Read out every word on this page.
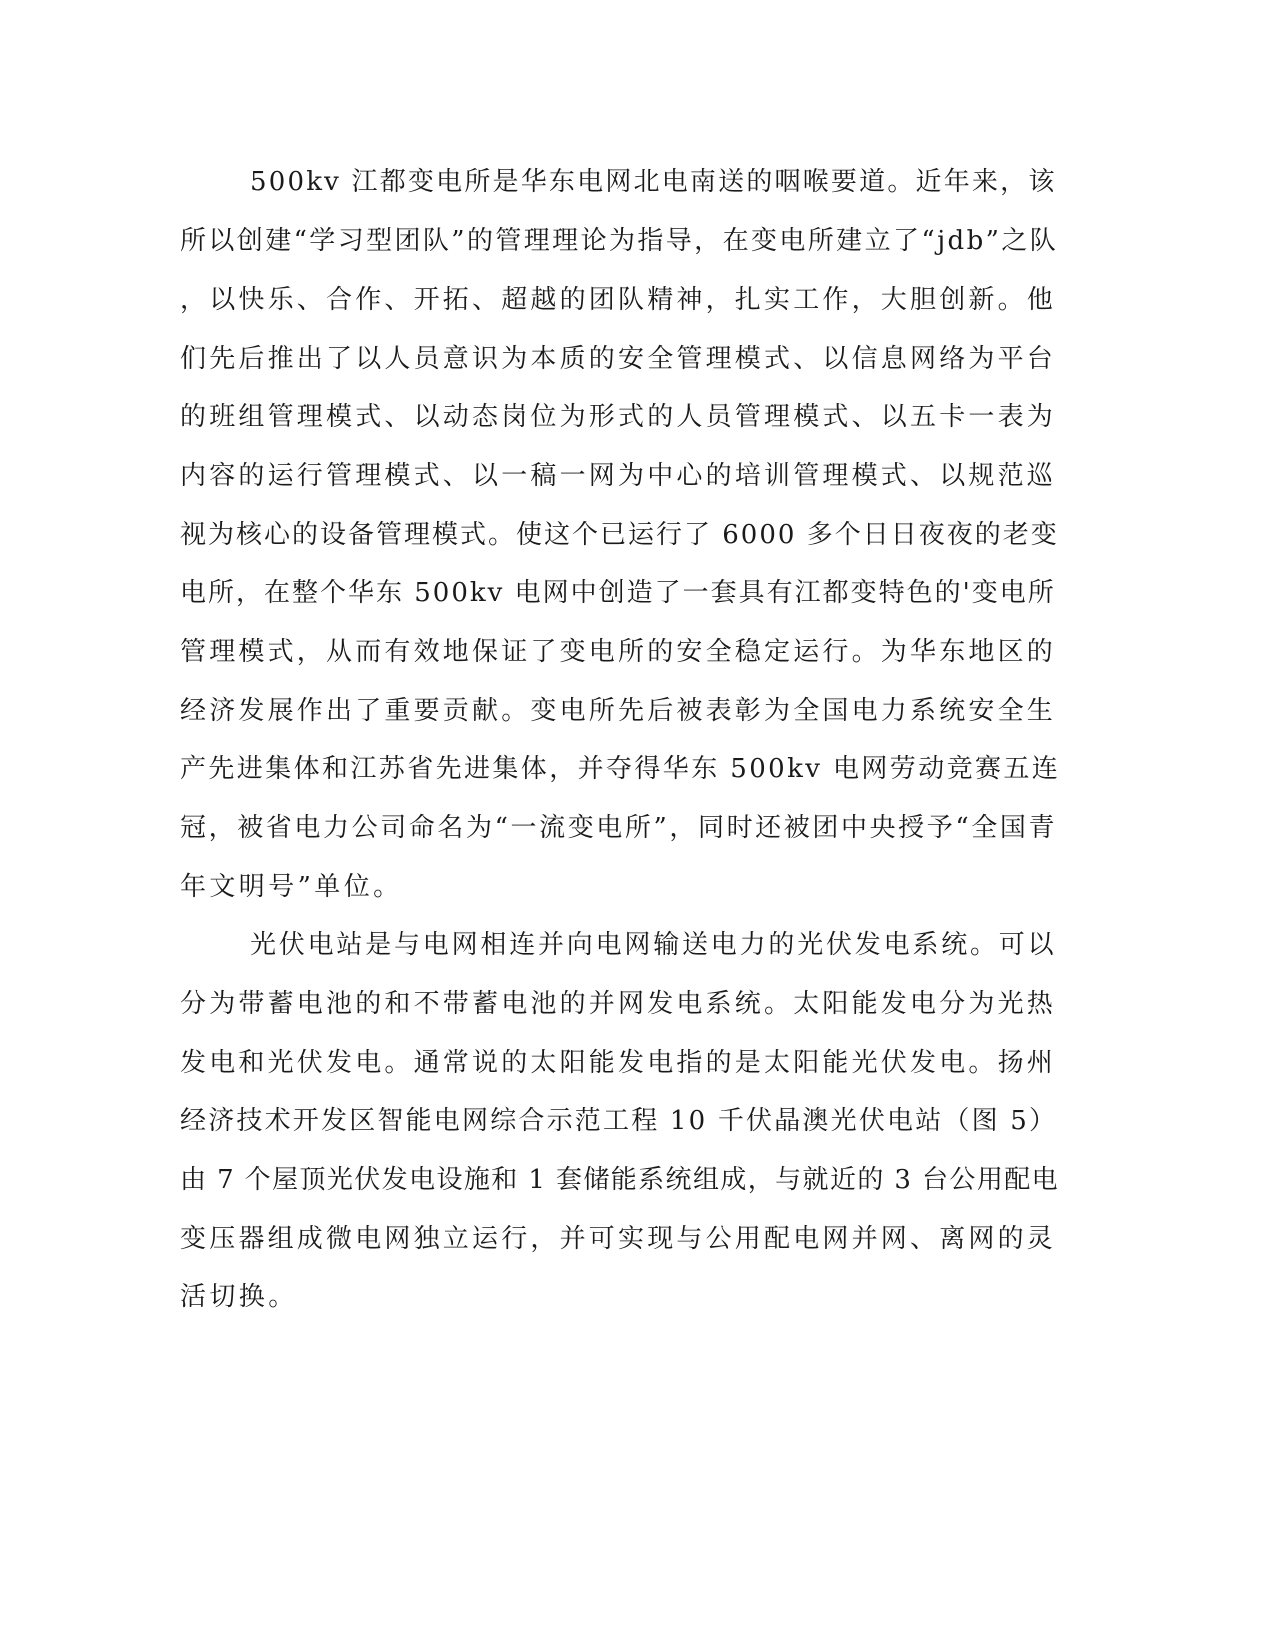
500kv 江都变电所是华东电网北电南送的咽喉要道。近年来，该
所以创建“学习型团队”的管理理论为指导，在变电所建立了“jdb”之队
，以快乐、合作、开拓、超越的团队精神，扎实工作，大胆创新。他
们先后推出了以人员意识为本质的安全管理模式、以信息网络为平台
的班组管理模式、以动态岗位为形式的人员管理模式、以五卡一表为
内容的运行管理模式、以一稿一网为中心的培训管理模式、以规范巡
视为核心的设备管理模式。使这个已运行了 6000 多个日日夜夜的老变
电所，在整个华东 500kv 电网中创造了一套具有江都变特色的'变电所
管理模式，从而有效地保证了变电所的安全稳定运行。为华东地区的
经济发展作出了重要贡献。变电所先后被表彰为全国电力系统安全生
产先进集体和江苏省先进集体，并夺得华东 500kv 电网劳动竞赛五连
冠，被省电力公司命名为“一流变电所”，同时还被团中央授予“全国青
年文明号”单位。
光伏电站是与电网相连并向电网输送电力的光伏发电系统。可以
分为带蓄电池的和不带蓄电池的并网发电系统。太阳能发电分为光热
发电和光伏发电。通常说的太阳能发电指的是太阳能光伏发电。扬州
经济技术开发区智能电网综合示范工程 10 千伏晶澳光伏电站（图 5）
由 7 个屋顶光伏发电设施和 1 套储能系统组成，与就近的 3 台公用配电
变压器组成微电网独立运行，并可实现与公用配电网并网、离网的灵
活切换。
